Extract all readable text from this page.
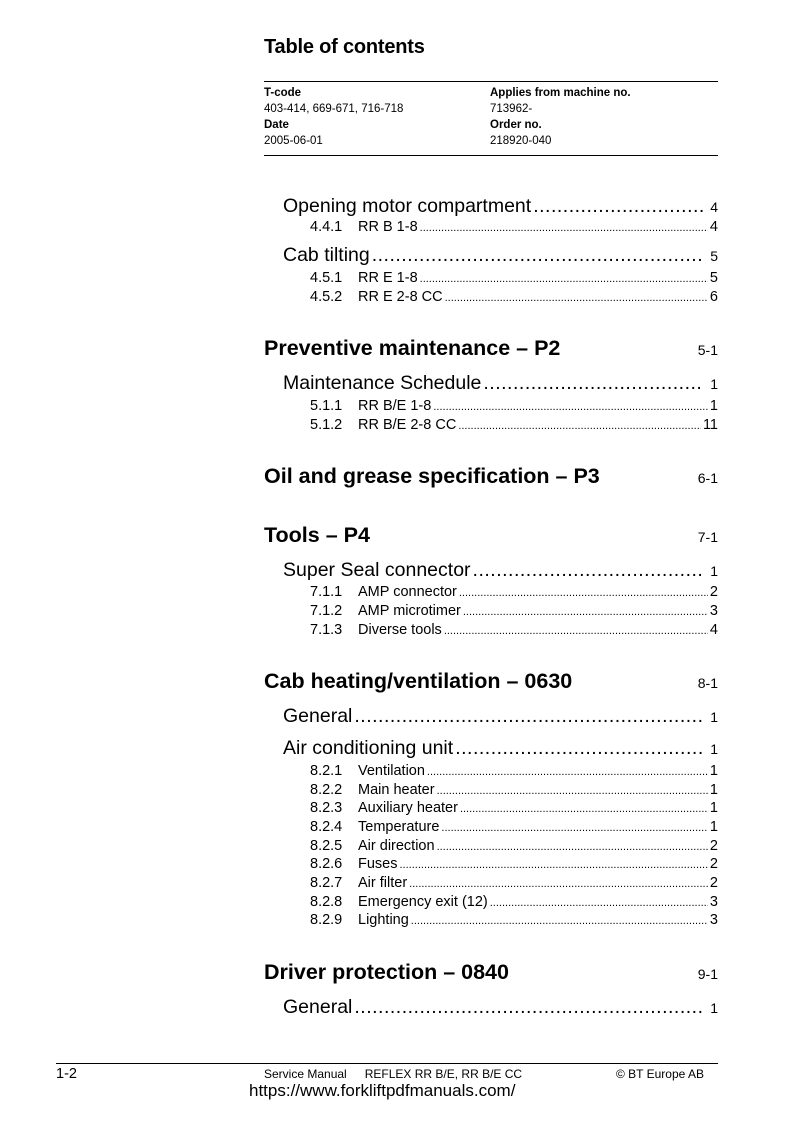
Table of contents
T-code
403-414, 669-671, 716-718
Date
2005-06-01
Applies from machine no.
713962-
Order no.
218920-040
Opening motor compartment .....	4
4.4.1	RR B 1-8 .....	4
Cab tilting .....	5
4.5.1	RR E 1-8 .....	5
4.5.2	RR E 2-8 CC .....	6
Preventive maintenance – P2	5-1
Maintenance Schedule .....	1
5.1.1	RR B/E 1-8 .....	1
5.1.2	RR B/E 2-8 CC .....	11
Oil and grease specification – P3	6-1
Tools – P4	7-1
Super Seal connector .....	1
7.1.1	AMP connector .....	2
7.1.2	AMP microtimer .....	3
7.1.3	Diverse tools .....	4
Cab heating/ventilation – 0630	8-1
General .....	1
Air conditioning unit .....	1
8.2.1	Ventilation .....	1
8.2.2	Main heater .....	1
8.2.3	Auxiliary heater .....	1
8.2.4	Temperature .....	1
8.2.5	Air direction .....	2
8.2.6	Fuses .....	2
8.2.7	Air filter .....	2
8.2.8	Emergency exit (12) .....	3
8.2.9	Lighting .....	3
Driver protection – 0840	9-1
General .....	1
1-2	Service Manual REFLEX RR B/E, RR B/E CC	© BT Europe AB
https://www.forkliftpdfmanuals.com/
